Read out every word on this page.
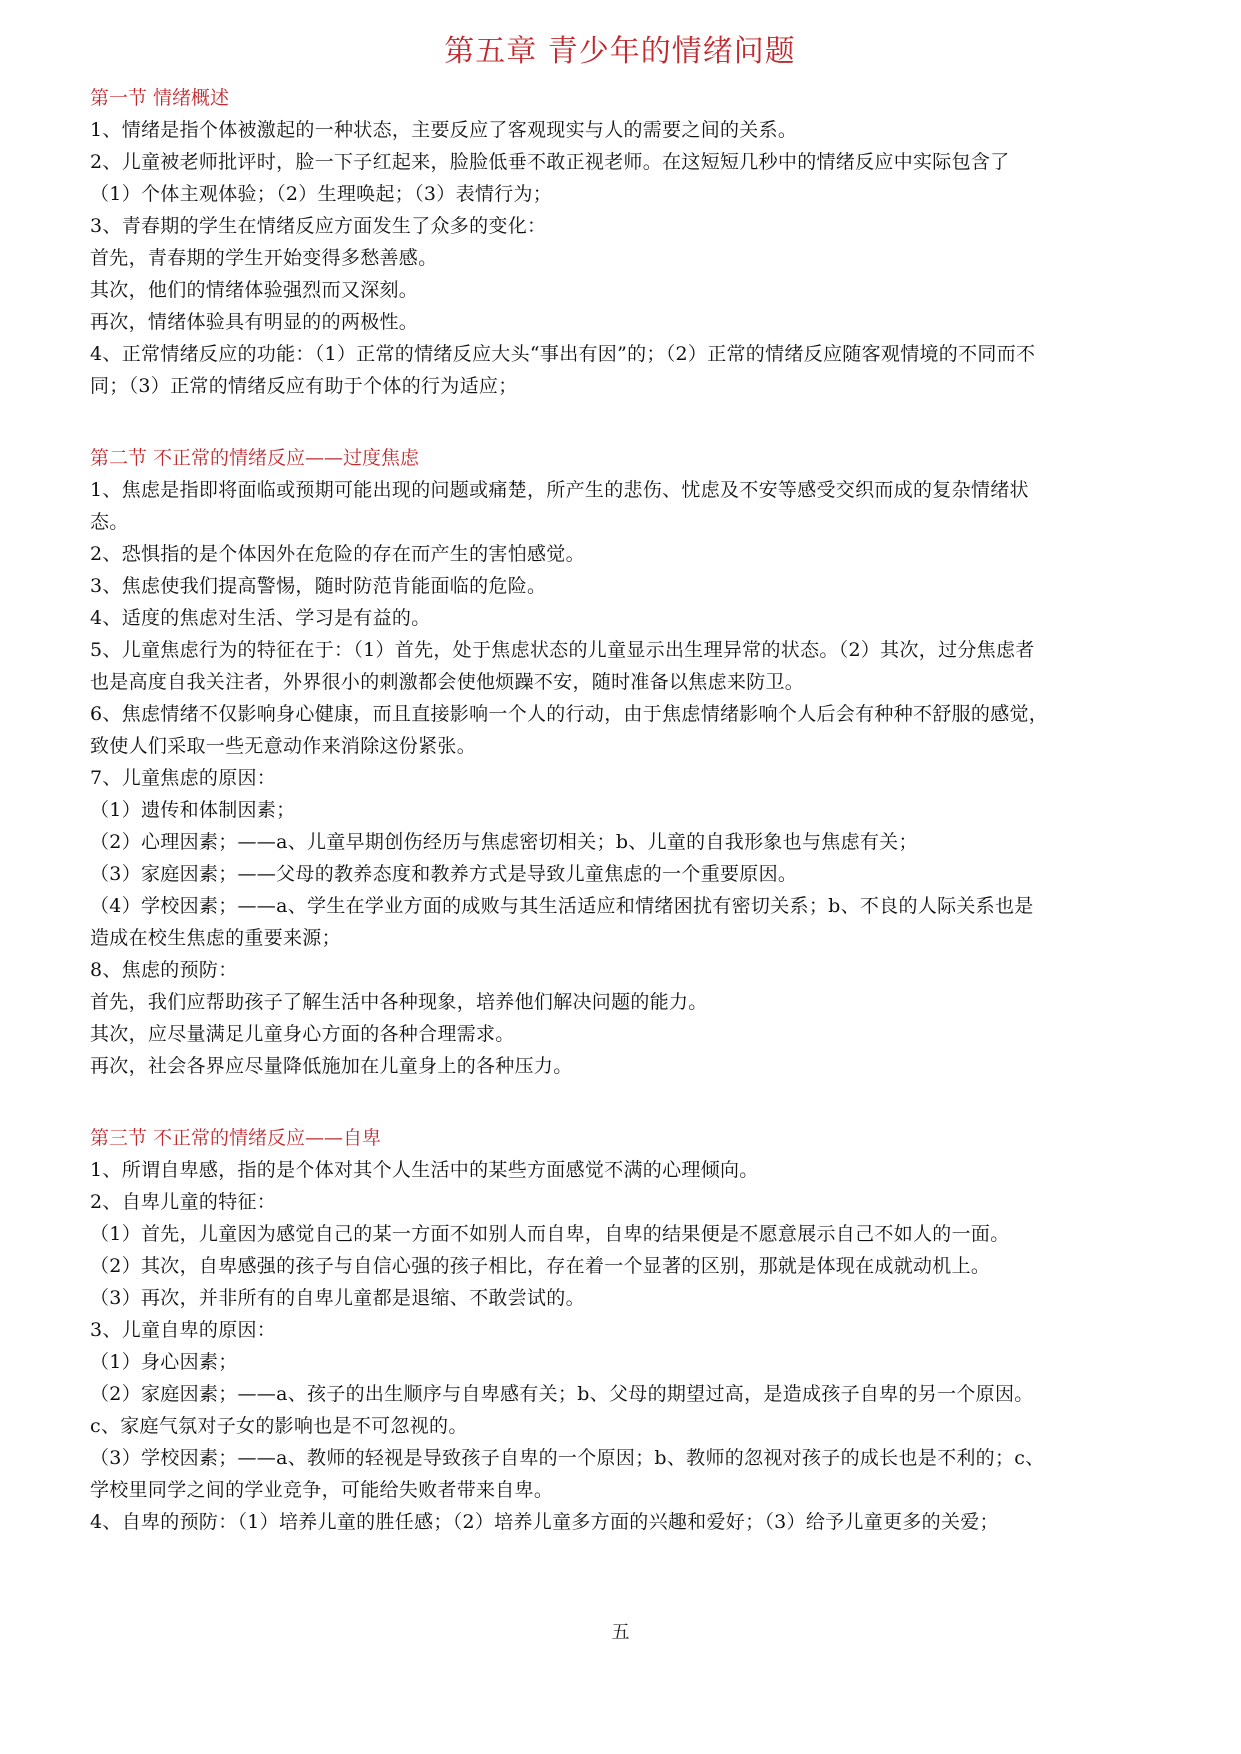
第五章 青少年的情绪问题
第一节 情绪概述
1、情绪是指个体被激起的一种状态，主要反应了客观现实与人的需要之间的关系。
2、儿童被老师批评时，脸一下子红起来，脸脸低垂不敢正视老师。在这短短几秒中的情绪反应中实际包含了
（1）个体主观体验；（2）生理唤起；（3）表情行为；
3、青春期的学生在情绪反应方面发生了众多的变化：
首先，青春期的学生开始变得多愁善感。
其次，他们的情绪体验强烈而又深刻。
再次，情绪体验具有明显的的两极性。
4、正常情绪反应的功能：（1）正常的情绪反应大头“事出有因”的；（2）正常的情绪反应随客观情境的不同而不
同；（3）正常的情绪反应有助于个体的行为适应；
第二节 不正常的情绪反应——过度焦虑
1、焦虑是指即将面临或预期可能出现的问题或痛楚，所产生的悲伤、忧虑及不安等感受交织而成的复杂情绪状
态。
2、恐惧指的是个体因外在危险的存在而产生的害怕感觉。
3、焦虑使我们提高警惕，随时防范肯能面临的危险。
4、适度的焦虑对生活、学习是有益的。
5、儿童焦虑行为的特征在于：（1）首先，处于焦虑状态的儿童显示出生理异常的状态。（2）其次，过分焦虑者
也是高度自我关注者，外界很小的刺激都会使他烦躁不安，随时准备以焦虑来防卫。
6、焦虑情绪不仅影响身心健康，而且直接影响一个人的行动，由于焦虑情绪影响个人后会有种种不舒服的感觉，
致使人们采取一些无意动作来消除这份紧张。
7、儿童焦虑的原因：
（1）遗传和体制因素；
（2）心理因素；——a、儿童早期创伤经历与焦虑密切相关；b、儿童的自我形象也与焦虑有关；
（3）家庭因素；——父母的教养态度和教养方式是导致儿童焦虑的一个重要原因。
（4）学校因素；——a、学生在学业方面的成败与其生活适应和情绪困扰有密切关系；b、不良的人际关系也是
造成在校生焦虑的重要来源；
8、焦虑的预防：
首先，我们应帮助孩子了解生活中各种现象，培养他们解决问题的能力。
其次，应尽量满足儿童身心方面的各种合理需求。
再次，社会各界应尽量降低施加在儿童身上的各种压力。
第三节 不正常的情绪反应——自卑
1、所谓自卑感，指的是个体对其个人生活中的某些方面感觉不满的心理倾向。
2、自卑儿童的特征：
（1）首先，儿童因为感觉自己的某一方面不如别人而自卑，自卑的结果便是不愿意展示自己不如人的一面。
（2）其次，自卑感强的孩子与自信心强的孩子相比，存在着一个显著的区别，那就是体现在成就动机上。
（3）再次，并非所有的自卑儿童都是退缩、不敢尝试的。
3、儿童自卑的原因：
（1）身心因素；
（2）家庭因素；——a、孩子的出生顺序与自卑感有关；b、父母的期望过高，是造成孩子自卑的另一个原因。
c、家庭气氛对子女的影响也是不可忽视的。
（3）学校因素；——a、教师的轻视是导致孩子自卑的一个原因；b、教师的忽视对孩子的成长也是不利的；c、
学校里同学之间的学业竞争，可能给失败者带来自卑。
4、自卑的预防：（1）培养儿童的胜任感；（2）培养儿童多方面的兴趣和爱好；（3）给予儿童更多的关爱；
五
